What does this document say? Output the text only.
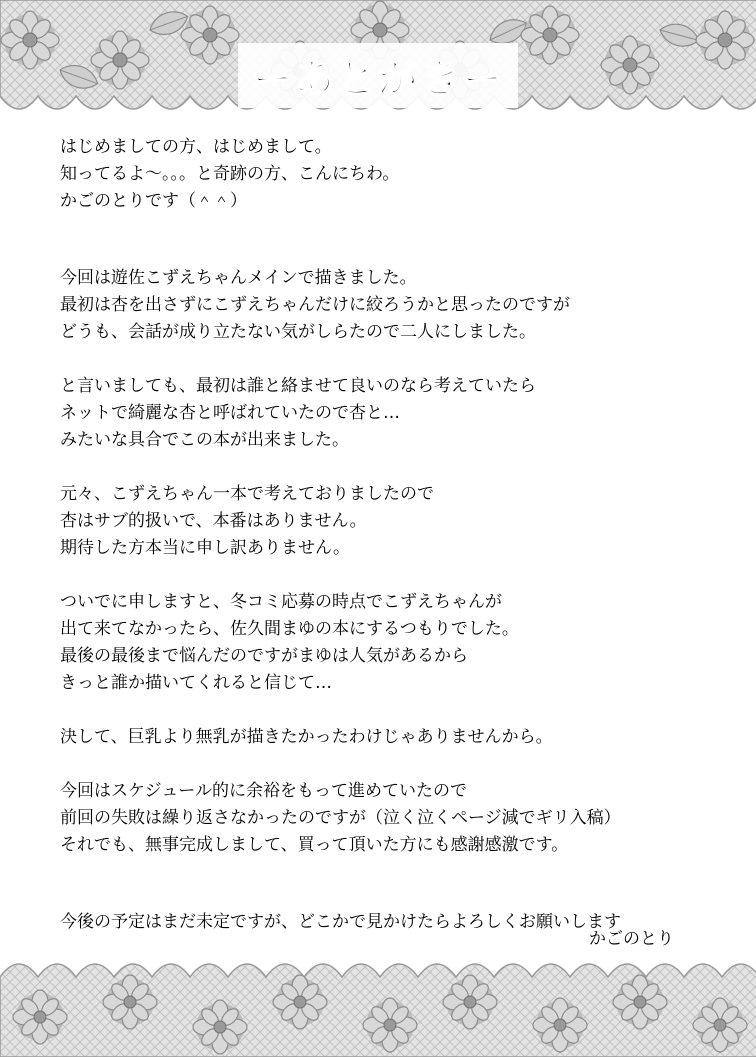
ーあとがきー
はじめましての方、はじめまして。
知ってるよ〜。。。と奇跡の方、こんにちわ。
かごのとりです（＾＾）
今回は遊佐こずえちゃんメインで描きました。
最初は杏を出さずにこずえちゃんだけに絞ろうかと思ったのですが
どうも、会話が成り立たない気がしらたので二人にしました。
と言いましても、最初は誰と絡ませて良いのなら考えていたら
ネットで綺麗な杏と呼ばれていたので杏と…
みたいな具合でこの本が出来ました。
元々、こずえちゃん一本で考えておりましたので
杏はサブ的扱いで、本番はありません。
期待した方本当に申し訳ありません。
ついでに申しますと、冬コミ応募の時点でこずえちゃんが
出て来てなかったら、佐久間まゆの本にするつもりでした。
最後の最後まで悩んだのですがまゆは人気があるから
きっと誰か描いてくれると信じて…
決して、巨乳より無乳が描きたかったわけじゃありませんから。
今回はスケジュール的に余裕をもって進めていたので
前回の失敗は繰り返さなかったのですが（泣く泣くページ減でギリ入稿）
それでも、無事完成しまして、買って頂いた方にも感謝感激です。
今後の予定はまだ未定ですが、どこかで見かけたらよろしくお願いします
かごのとり
